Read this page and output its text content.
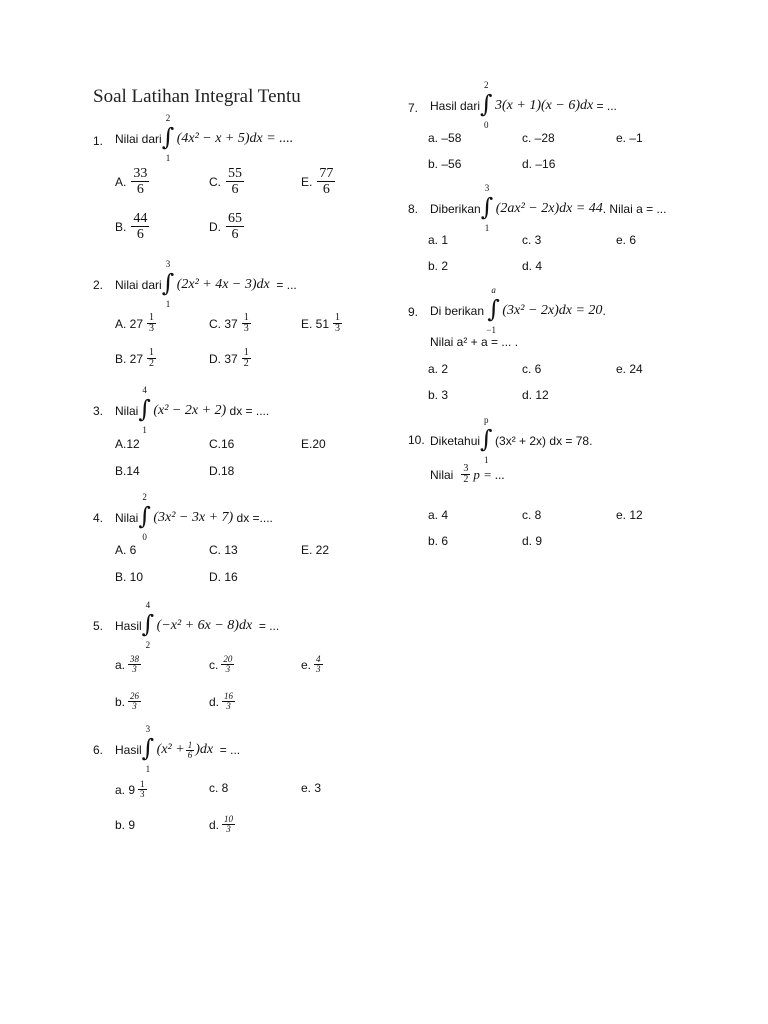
Soal Latihan Integral Tentu
1. Nilai dari ∫
2
1
(4x² − x + 5)dx = ....
A. $\frac{33}{6}$	C. $\frac{55}{6}$	E. $\frac{77}{6}$
B. $\frac{44}{6}$	D. $\frac{65}{6}$
2. Nilai dari ∫
3
1
(2x² + 4x − 3)dx
= ...
A. $27 \frac{1}{3}$	C. $37 \frac{1}{3}$	E. $51 \frac{1}{3}$
B. $27 \frac{1}{2}$	D. $37 \frac{1}{2}$
3. Nilai ∫
4
1
(x² − 2x + 2)
dx = ....
A.12	C.16	E.20
B.14	D.18
4. Nilai ∫
2
0
(3x² − 3x + 7)
dx =....
A. 6	C. 13	E. 22
B. 10	D. 16
5. Hasil ∫
4
2
(−x² + 6x − 8)dx
= ...
a. $\frac{38}{3}$	c. $\frac{20}{3}$	e. $\frac{4}{3}$
b. $\frac{26}{3}$	d. $\frac{16}{3}$
6. Hasil ∫
3
1
$(x^2 + \frac{1}{6} )dx$
= ...
a. $9 \frac{1}{3}$	c. 8	e. 3
b. 9	d. $\frac{10}{3}$
7. Hasil dari ∫
2
0
3(x + 1)(x − 6)dx
= ...
a. –58	c. –28	e. –1
b. –56	d. –16
8. Diberikan ∫
3
1
(2ax² − 2x)dx = 44 . Nilai a = ...
a. 1	c. 3	e. 6
b. 2	d. 4
9. Di berikan
∫
a
−1
(3x² − 2x)dx = 20 .
Nilai a² + a = ... .
a. 2	c. 6	e. 24
b. 3	d. 12
10. Diketahui ∫
p
1
(3x² + 2x)
dx = 78.
Nilai $\frac{3}{2}$ p = ...
a. 4	c. 8	e. 12
b. 6	d. 9
